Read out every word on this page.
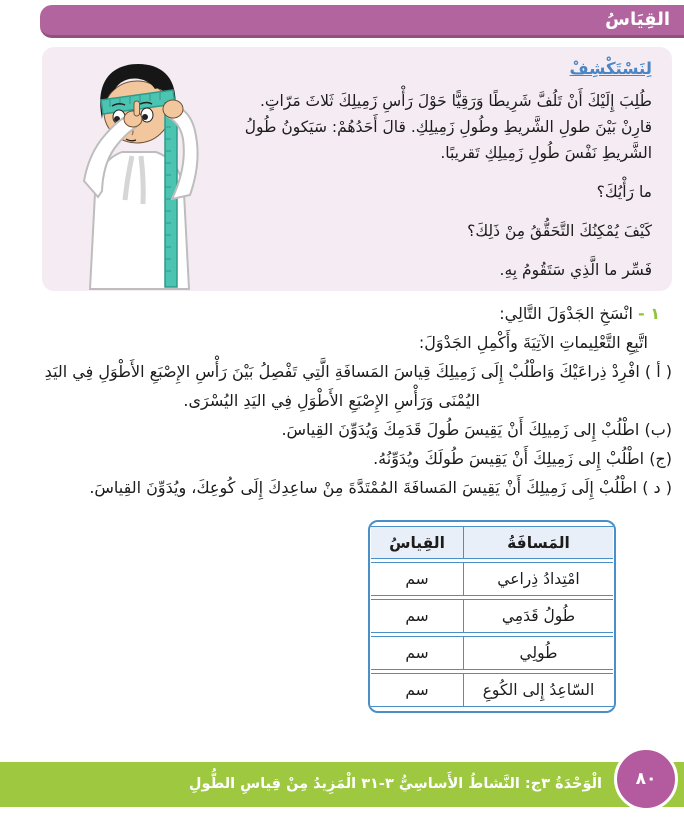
القِيَاسُ
لِنَسْتَكْشِفْ
طُلِبَ إِلَيْكَ أَنْ تَلُفَّ شَرِيطًا وَرَقِيًّا حَوْلَ رَأْسِ زَمِيلِكَ ثَلاثَ مَرّاتٍ.
قارِنْ بَيْنَ طولِ الشَّريطِ وطُولِ زَمِيلِكِ. قالَ أَحَدُهُمْ: سَيَكونُ طُولُ
الشَّريطِ نَفْسَ طُولِ زَمِيلِكِ تَقريبًا.
ما رَأْيُكَ؟
كَيْفَ يُمْكِنُكَ التَّحَقُّقُ مِنْ ذَلِكَ؟
فَسِّر ما الَّذِي سَتَقُومُ بِهِ.
١ - انْسَخِ الجَدْوَلَ التَّالِي:
اتَّبِعِ التَّعْلِيماتِ الآتِيَةَ وأَكْمِلِ الجَدْوَلَ:
( أ ) افْرِدْ ذِراعَيْكَ وَاطْلُبْ إِلَى زَمِيلِكَ قِياسَ المَسافَةِ الَّتِي تَفْصِلُ بَيْنَ رَأْسِ الإِصْبَعِ الأَطْوَلِ فِي اليَدِ
اليُمْنَى وَرَأْسِ الإِصْبَعِ الأَطْوَلِ فِي اليَدِ اليُسْرَى.
(ب) اطْلُبْ إِلى زَمِيلِكَ أَنْ يَقِيسَ طُولَ قَدَمِكَ وَيُدَوِّنَ القِياسَ.
(ج) اطْلُبْ إِلى زَمِيلِكَ أَنْ يَقِيسَ طُولَكَ ويُدَوِّنُهُ.
( د ) اطْلُبْ إِلَى زَمِيلِكَ أَنْ يَقِيسَ المَسافَةَ المُمْتَدَّةَ مِنْ ساعِدِكَ إِلَى كُوعِكَ، ويُدَوِّنَ القِياسَ.
المَسافَةُ	القِياسُ
امْتِدادُ ذِراعي	سم
طُولُ قَدَمِي	سم
طُولِي	سم
السّاعِدُ إِلى الكُوعِ	سم
الْوَحْدَةُ ٣ج: النَّشاطُ الأَساسِيُّ ٣-٣١ الْمَزِيدُ مِنْ قِياسِ الطُّولِ ٨٠
